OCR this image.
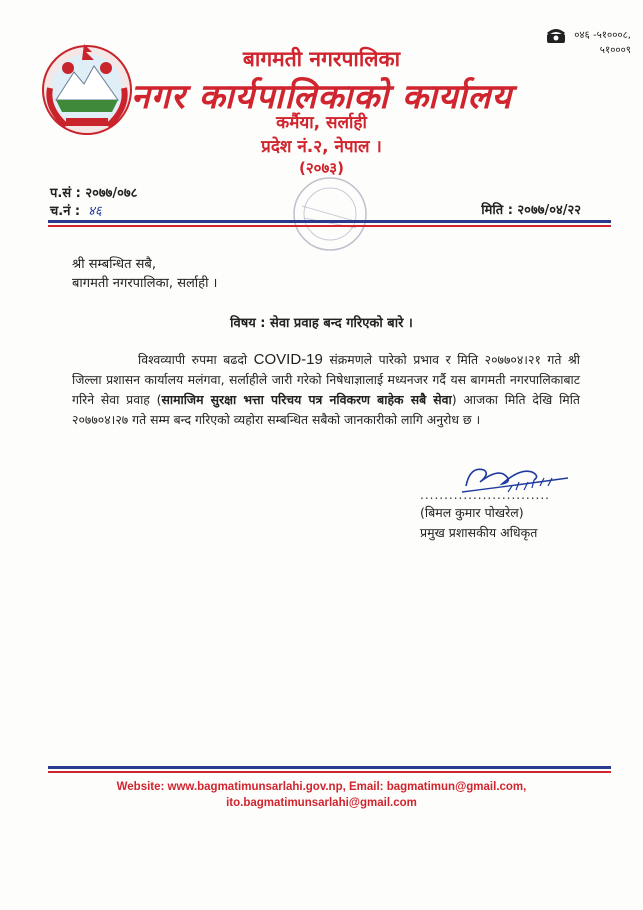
०४६ -५१०००८,
५१०००९
बागमती नगरपालिका
नगर कार्यपालिकाको कार्यालय
कर्मैया, सर्लाही
प्रदेश नं.२, नेपाल ।
(२०७३)
प.सं : २०७७/०७८
च.नं : ४६	मिति : २०७७/०४/२२
श्री सम्बन्धित सबै,
बागमती नगरपालिका, सर्लाही ।
विषय : सेवा प्रवाह बन्द गरिएको बारे ।
विश्वव्यापी रुपमा बढदो COVID-19 संक्रमणले पारेको प्रभाव र मिति २०७७०४।२१ गते श्री जिल्ला प्रशासन कार्यालय मलंगवा, सर्लाहीले जारी गरेको निषेधाज्ञालाई मध्यनजर गर्दै यस बागमती नगरपालिकाबाट गरिने सेवा प्रवाह (सामाजिम सुरक्षा भत्ता परिचय पत्र नविकरण बाहेक सबै सेवा) आजका मिति देखि मिति २०७७०४।२७ गते सम्म बन्द गरिएको व्यहोरा सम्बन्धित सबैको जानकारीको लागि अनुरोध छ ।
...........................
(बिमल कुमार पोखरेल)
प्रमुख प्रशासकीय अधिकृत
Website: www.bagmatimunsarlahi.gov.np, Email: bagmatimun@gmail.com,
ito.bagmatimunsarlahi@gmail.com
